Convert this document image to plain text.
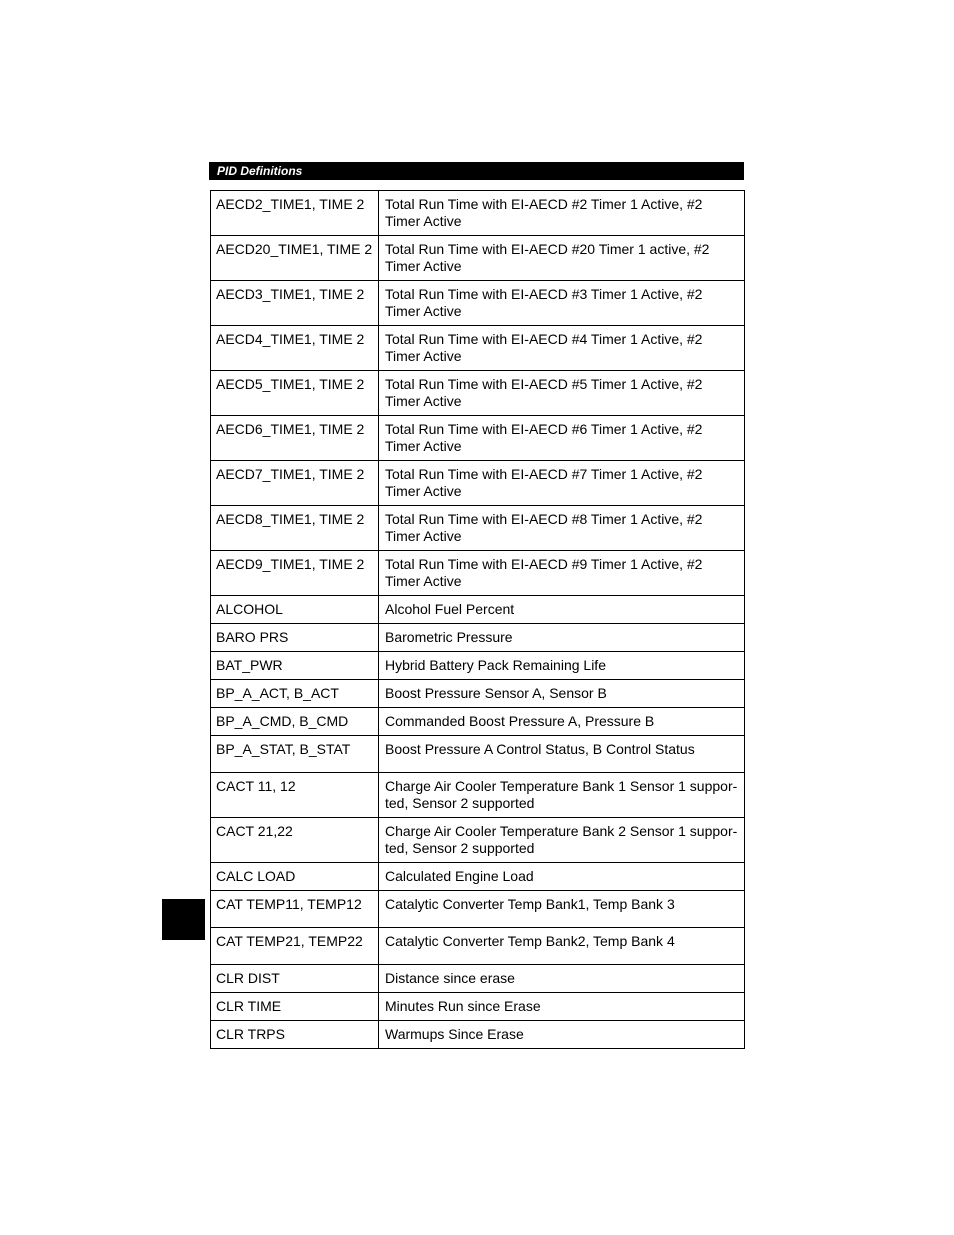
PID Definitions
AECD2_TIME1, TIME 2	Total Run Time with EI-AECD #2 Timer 1 Active, #2 Timer Active
AECD20_TIME1, TIME 2	Total Run Time with EI-AECD #20 Timer 1 active, #2 Timer Active
AECD3_TIME1, TIME 2	Total Run Time with EI-AECD #3 Timer 1 Active, #2 Timer Active
AECD4_TIME1, TIME 2	Total Run Time with EI-AECD #4 Timer 1 Active, #2 Timer Active
AECD5_TIME1, TIME 2	Total Run Time with EI-AECD #5 Timer 1 Active, #2 Timer Active
AECD6_TIME1, TIME 2	Total Run Time with EI-AECD #6 Timer 1 Active, #2 Timer Active
AECD7_TIME1, TIME 2	Total Run Time with EI-AECD #7 Timer 1 Active, #2 Timer Active
AECD8_TIME1, TIME 2	Total Run Time with EI-AECD #8 Timer 1 Active, #2 Timer Active
AECD9_TIME1, TIME 2	Total Run Time with EI-AECD #9 Timer 1 Active, #2 Timer Active
ALCOHOL	Alcohol Fuel Percent
BARO PRS	Barometric Pressure
BAT_PWR	Hybrid Battery Pack Remaining Life
BP_A_ACT, B_ACT	Boost Pressure Sensor A, Sensor B
BP_A_CMD, B_CMD	Commanded Boost Pressure A, Pressure B
BP_A_STAT, B_STAT	Boost Pressure A Control Status, B Control Status
CACT 11, 12	Charge Air Cooler Temperature Bank 1 Sensor 1 suppor-ted, Sensor 2 supported
CACT 21,22	Charge Air Cooler Temperature Bank 2 Sensor 1 suppor-ted, Sensor 2 supported
CALC LOAD	Calculated Engine Load
CAT TEMP11, TEMP12	Catalytic Converter Temp Bank1, Temp Bank 3
CAT TEMP21, TEMP22	Catalytic Converter Temp Bank2, Temp Bank 4
CLR DIST	Distance since erase
CLR TIME	Minutes Run since Erase
CLR TRPS	Warmups Since Erase
